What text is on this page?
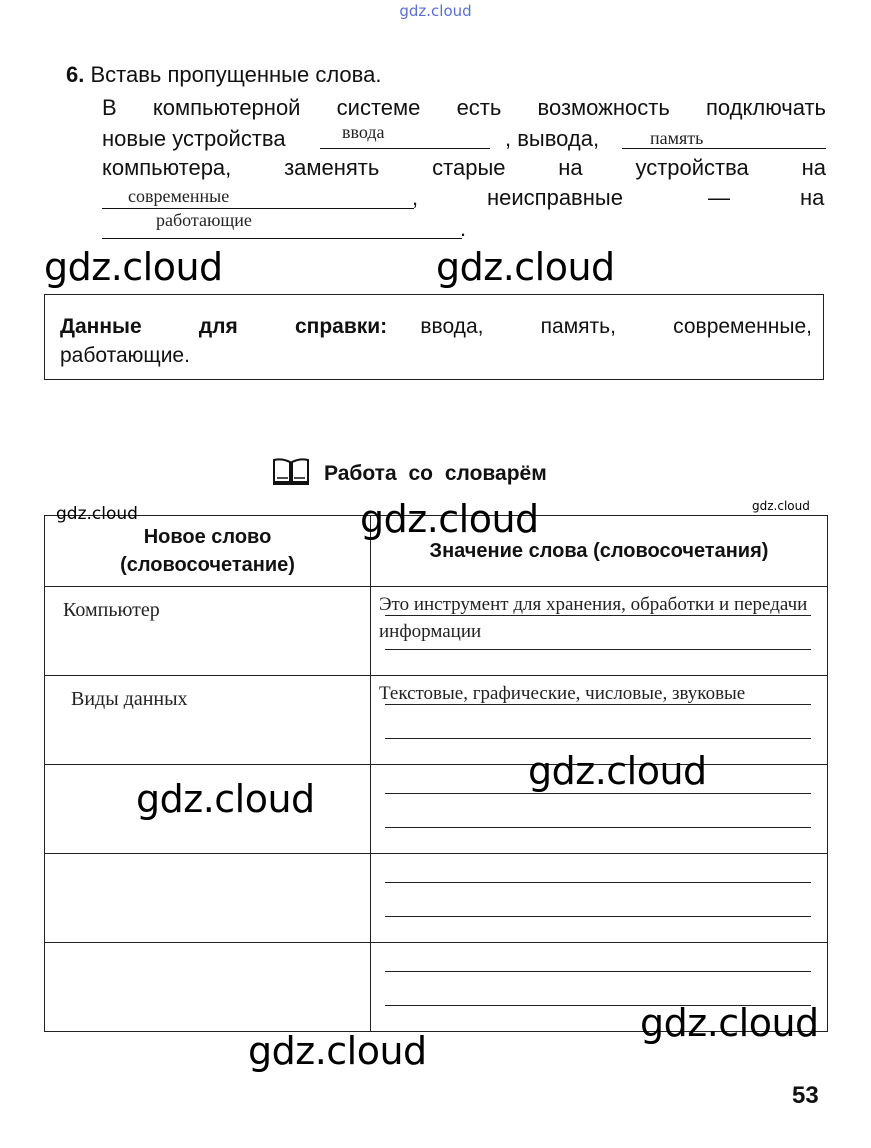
gdz.cloud
6. Вставь пропущенные слова.
В компьютерной системе есть возможность подключать
новые устройства	ввода	, вывода,	память
компьютера, заменять старые на устройства на
современные	,	неисправные	—	на
работающие	.
gdz.cloud	gdz.cloud
Данные для справки: ввода, память, современные, работающие.
Работа со словарём
Новое слово (словосочетание)	Значение слова (словосочетания)

Компьютер	Это инструмент для хранения, обработки и передачи информации

Виды данных	Текстовые, графические, числовые, звуковые

gdz.cloud	gdz.cloud
gdz.cloud
gdz.cloud
gdz.cloud
gdz.cloud
gdz.cloud
53
